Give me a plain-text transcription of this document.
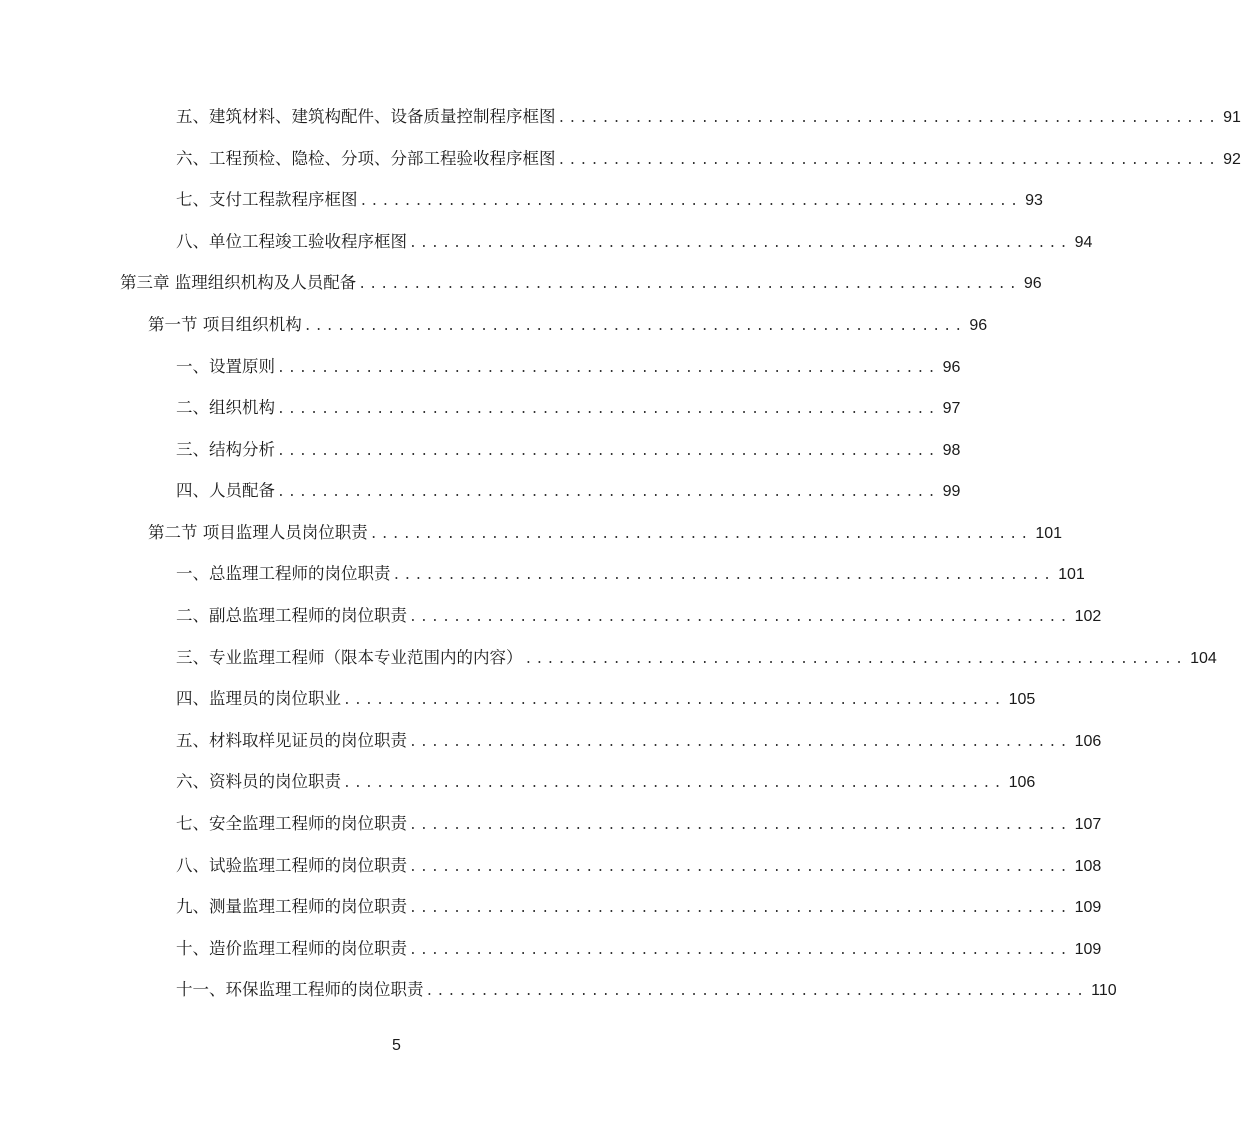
五、建筑材料、建筑构配件、设备质量控制程序框图 ............................................................ 91
六、工程预检、隐检、分项、分部工程验收程序框图 ............................................................ 92
七、支付工程款程序框图 ............................................................ 93
八、单位工程竣工验收程序框图 ............................................................ 94
第三章 监理组织机构及人员配备 ............................................................ 96
第一节 项目组织机构 ............................................................ 96
一、设置原则 ............................................................ 96
二、组织机构 ............................................................ 97
三、结构分析 ............................................................ 98
四、人员配备 ............................................................ 99
第二节 项目监理人员岗位职责 ............................................................ 101
一、总监理工程师的岗位职责 ............................................................ 101
二、副总监理工程师的岗位职责 ............................................................ 102
三、专业监理工程师（限本专业范围内的内容） ............................................................ 104
四、监理员的岗位职业 ............................................................ 105
五、材料取样见证员的岗位职责 ............................................................ 106
六、资料员的岗位职责 ............................................................ 106
七、安全监理工程师的岗位职责 ............................................................ 107
八、试验监理工程师的岗位职责 ............................................................ 108
九、测量监理工程师的岗位职责 ............................................................ 109
十、造价监理工程师的岗位职责 ............................................................ 109
十一、环保监理工程师的岗位职责 ............................................................ 110
5
